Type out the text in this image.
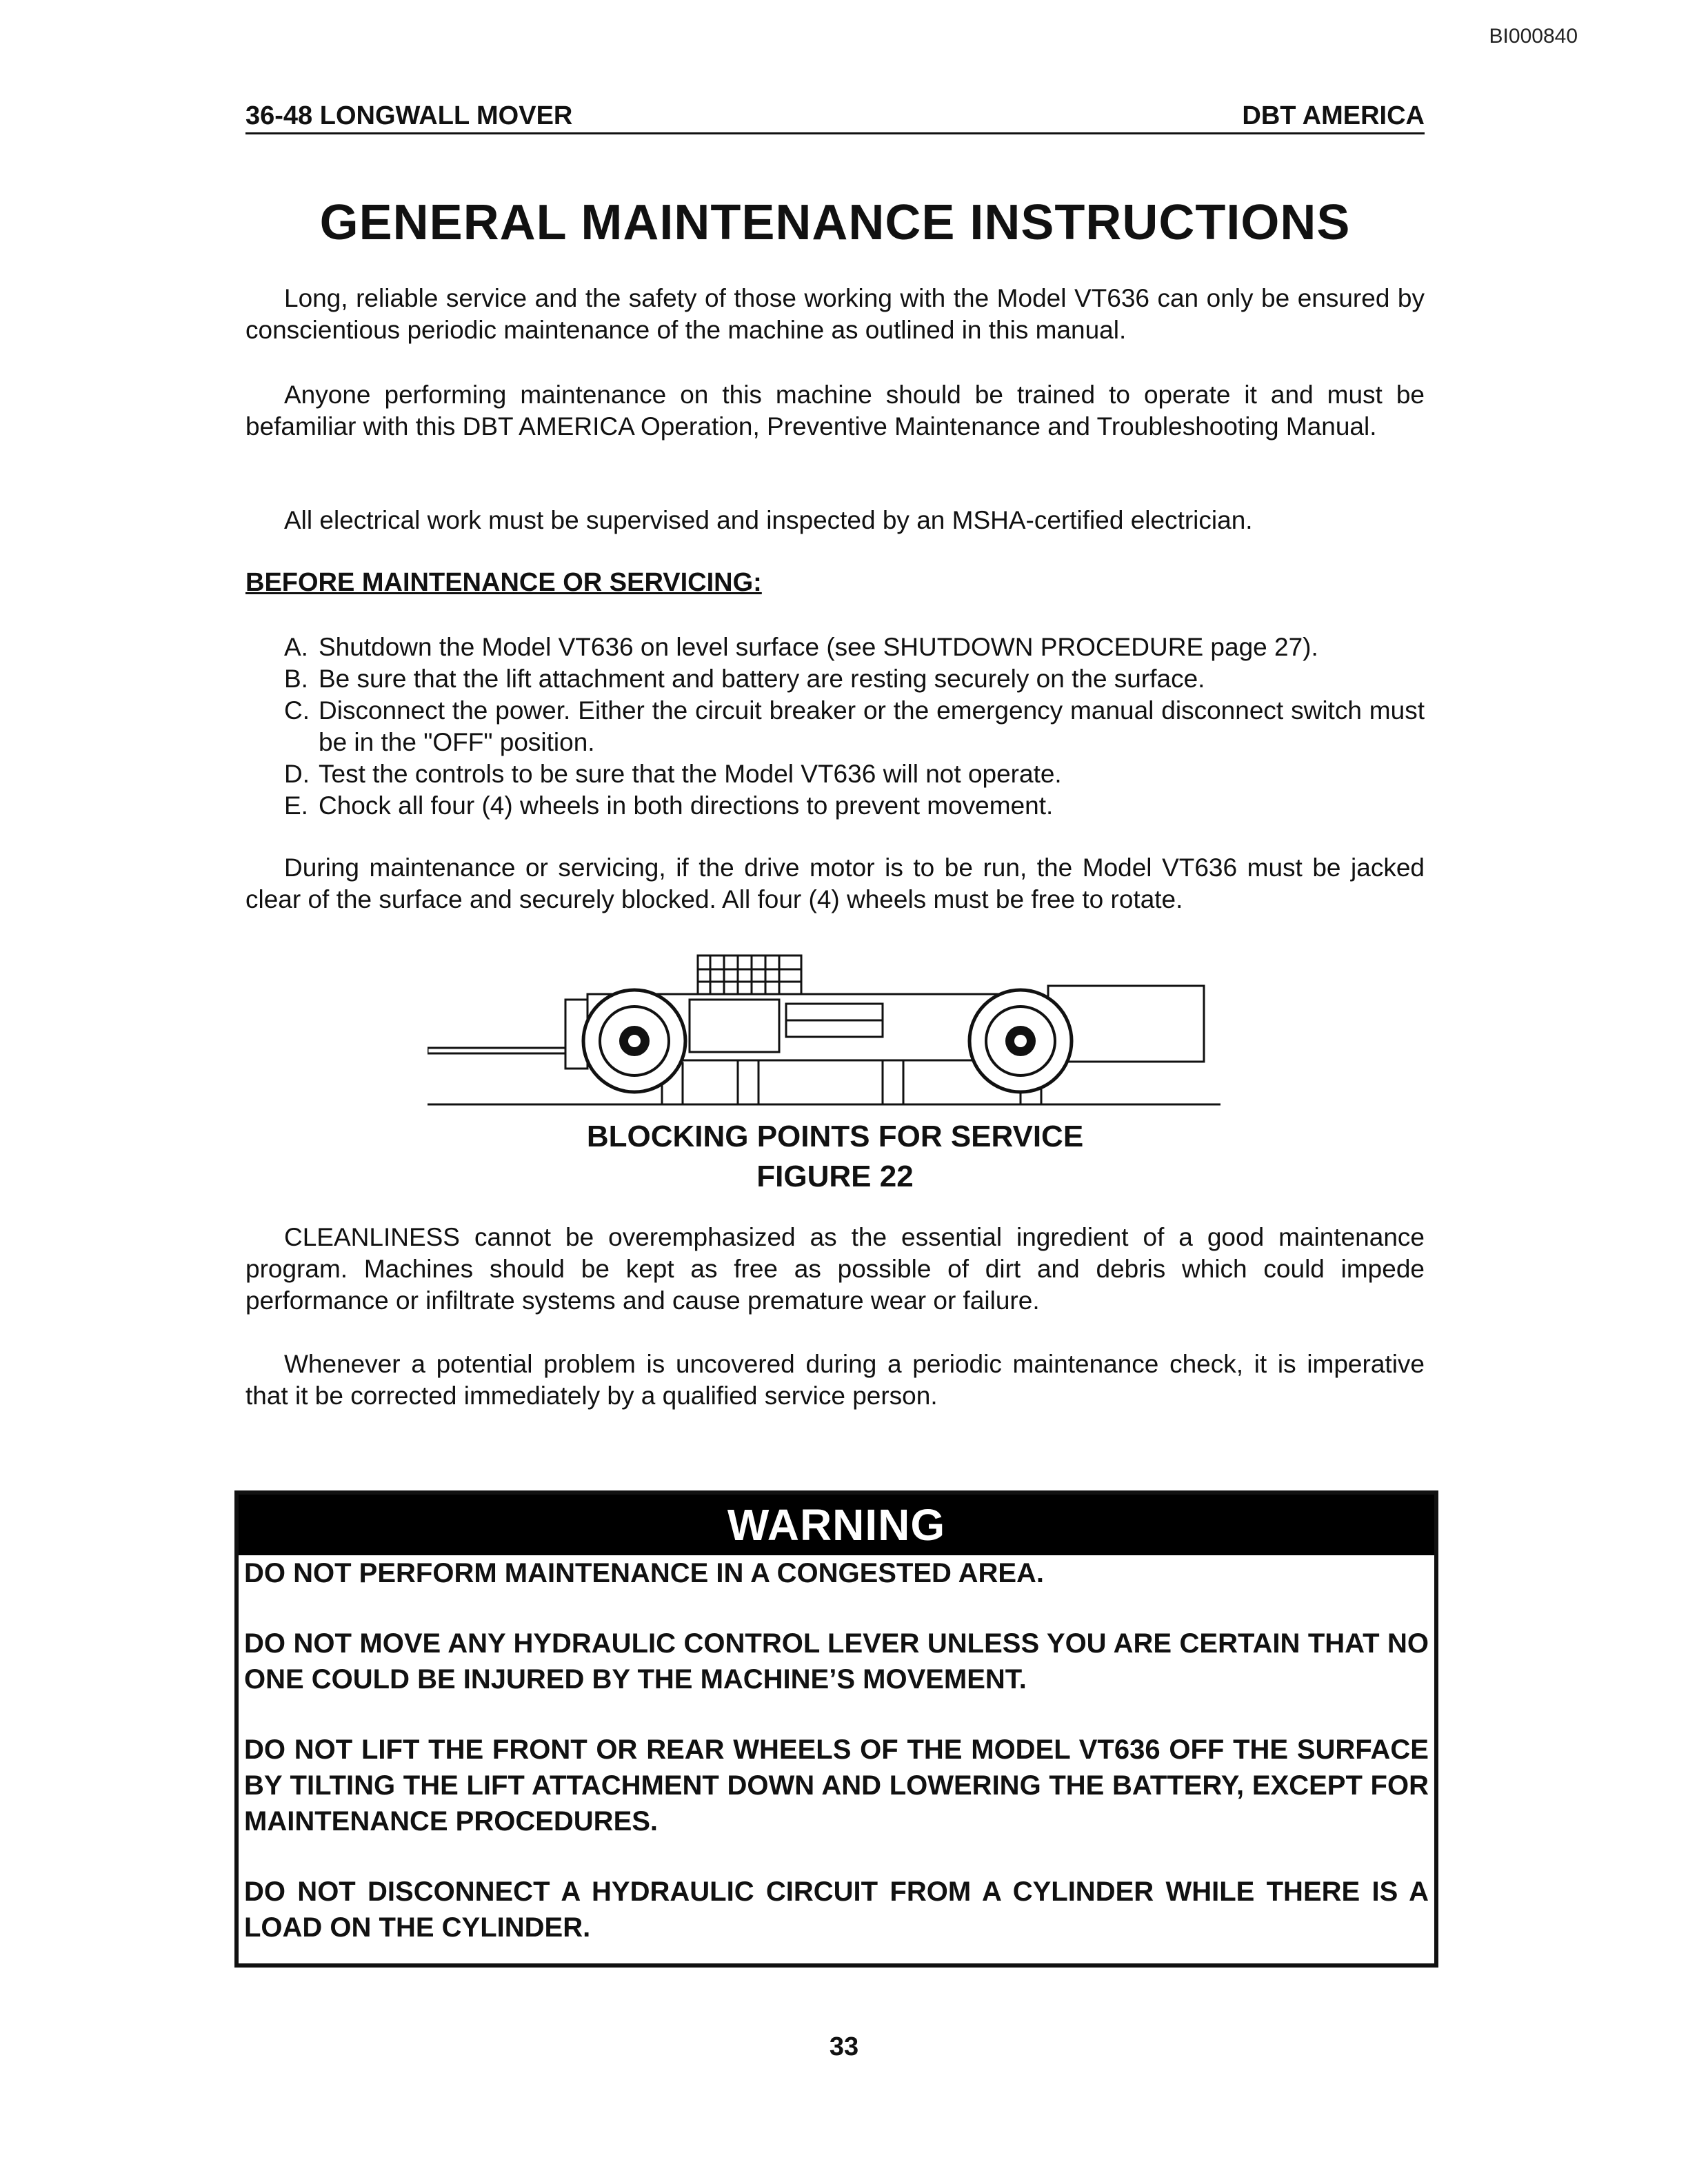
BI000840
36-48 LONGWALL MOVER	DBT AMERICA
GENERAL MAINTENANCE INSTRUCTIONS

Long, reliable service and the safety of those working with the Model VT636 can only be ensured by conscientious periodic maintenance of the machine as outlined in this manual.

Anyone performing maintenance on this machine should be trained to operate it and must be befamiliar with this DBT AMERICA Operation, Preventive Maintenance and Troubleshooting Manual.

All electrical work must be supervised and inspected by an MSHA-certified electrician.

BEFORE MAINTENANCE OR SERVICING:
A. Shutdown the Model VT636 on level surface (see SHUTDOWN PROCEDURE page 27).
B. Be sure that the lift attachment and battery are resting securely on the surface.
C. Disconnect the power. Either the circuit breaker or the emergency manual disconnect switch must be in the "OFF" position.
D. Test the controls to be sure that the Model VT636 will not operate.
E. Chock all four (4) wheels in both directions to prevent movement.

During maintenance or servicing, if the drive motor is to be run, the Model VT636 must be jacked clear of the surface and securely blocked. All four (4) wheels must be free to rotate.

BLOCKING POINTS FOR SERVICE
FIGURE 22

CLEANLINESS cannot be overemphasized as the essential ingredient of a good maintenance program. Machines should be kept as free as possible of dirt and debris which could impede performance or infiltrate systems and cause premature wear or failure.

Whenever a potential problem is uncovered during a periodic maintenance check, it is imperative that it be corrected immediately by a qualified service person.

WARNING
DO NOT PERFORM MAINTENANCE IN A CONGESTED AREA.
DO NOT MOVE ANY HYDRAULIC CONTROL LEVER UNLESS YOU ARE CERTAIN THAT NO ONE COULD BE INJURED BY THE MACHINE’S MOVEMENT.
DO NOT LIFT THE FRONT OR REAR WHEELS OF THE MODEL VT636 OFF THE SURFACE BY TILTING THE LIFT ATTACHMENT DOWN AND LOWERING THE BATTERY, EXCEPT FOR MAINTENANCE PROCEDURES.
DO NOT DISCONNECT A HYDRAULIC CIRCUIT FROM A CYLINDER WHILE THERE IS A LOAD ON THE CYLINDER.
33
